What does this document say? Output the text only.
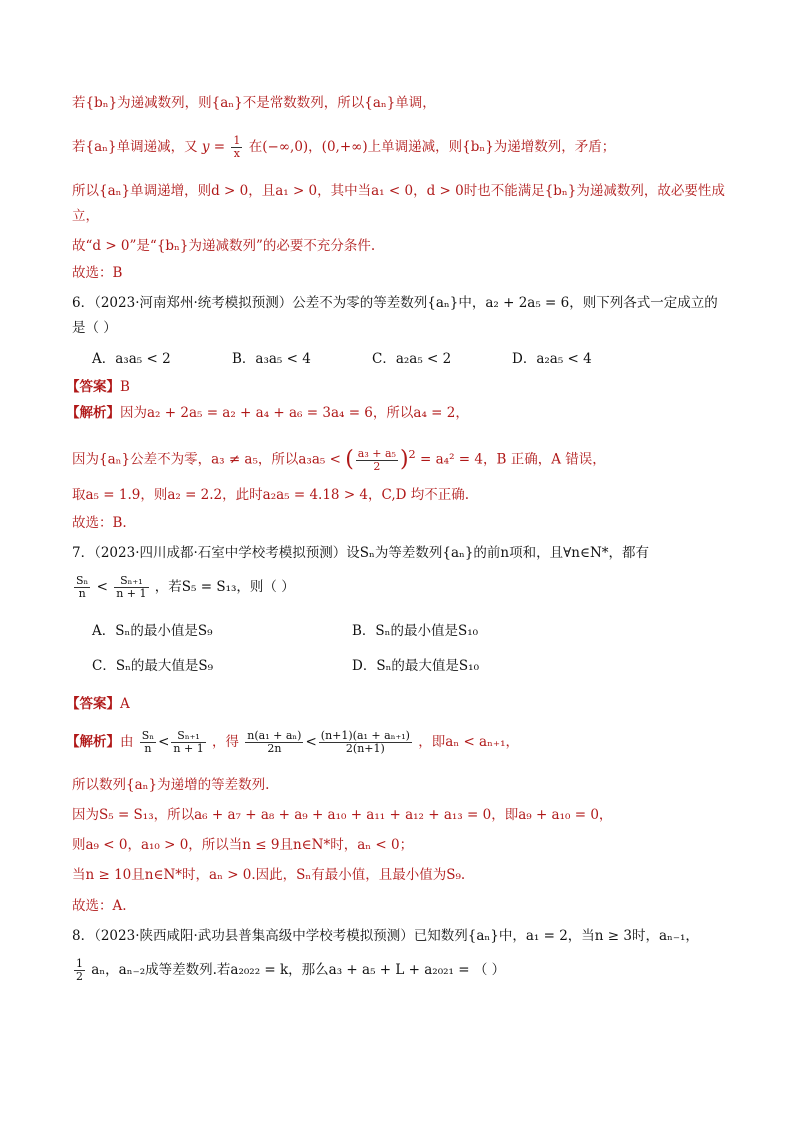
若{bₙ}为递减数列，则{aₙ}不是常数数列，所以{aₙ}单调，
若{aₙ}单调递减，又 $y = \frac{1}{x}$ 在(−∞,0)，(0,+∞)上单调递减，则{bₙ}为递增数列，矛盾；
所以{aₙ}单调递增，则d > 0，且a₁ > 0，其中当a₁ < 0，d > 0时也不能满足{bₙ}为递减数列，故必要性成
立，
故“d > 0”是“{bₙ}为递减数列”的必要不充分条件.
故选：B
6．（2023·河南郑州·统考模拟预测）公差不为零的等差数列{aₙ}中，a₂ + 2a₅ = 6，则下列各式一定成立的
是（ ）
A．a₃a₅ < 2	B．a₃a₅ < 4	C．a₂a₅ < 2	D．a₂a₅ < 4
【答案】B
【解析】因为a₂ + 2a₅ = a₂ + a₄ + a₆ = 3a₄ = 6，所以a₄ = 2，
因为{aₙ}公差不为零，a₃ ≠ a₅，所以a₃a₅ < ( $\frac{\text{a₃ + a₅}}{2} )^2 = a_4^2 = 4$，B 正确，A 错误，
取a₅ = 1.9，则a₂ = 2.2，此时a₂a₅ = 4.18 > 4，C,D 均不正确.
故选：B.
7．（2023·四川成都·石室中学校考模拟预测）设Sₙ为等差数列{aₙ}的前n项和，且∀n∈N*，都有
$\frac{\text{Sₙ}}{n} < \frac{\text{Sₙ₊₁}}{n + 1}$ ，若S₅ = S₁₃，则（ ）
A．Sₙ的最小值是S₉	B．Sₙ的最小值是S₁₀
C．Sₙ的最大值是S₉	D．Sₙ的最大值是S₁₀
【答案】A
【解析】由 $\frac{\text{Sₙ}}{n} < \frac{\text{Sₙ₊₁}}{n + 1}$ ，得 $\frac{\text{n(a₁ + aₙ)}}{2n} < \frac{\text{(n+1)(a₁ + aₙ₊₁)}}{2(n+1)}$ ，即aₙ < aₙ₊₁，
所以数列{aₙ}为递增的等差数列.
因为S₅ = S₁₃，所以a₆ + a₇ + a₈ + a₉ + a₁₀ + a₁₁ + a₁₂ + a₁₃ = 0，即a₉ + a₁₀ = 0，
则a₉ < 0，a₁₀ > 0，所以当n ≤ 9且n∈N*时，aₙ < 0；
当n ≥ 10且n∈N*时，aₙ > 0.因此，Sₙ有最小值，且最小值为S₉.
故选：A.
8．（2023·陕西咸阳·武功县普集高级中学校考模拟预测）已知数列{aₙ}中，a₁ = 2，当n ≥ 3时，aₙ₋₁，
$\frac{1}{2}$ aₙ，aₙ₋₂成等差数列.若a₂₀₂₂ = k，那么a₃ + a₅ + L + a₂₀₂₁ = （ ）
